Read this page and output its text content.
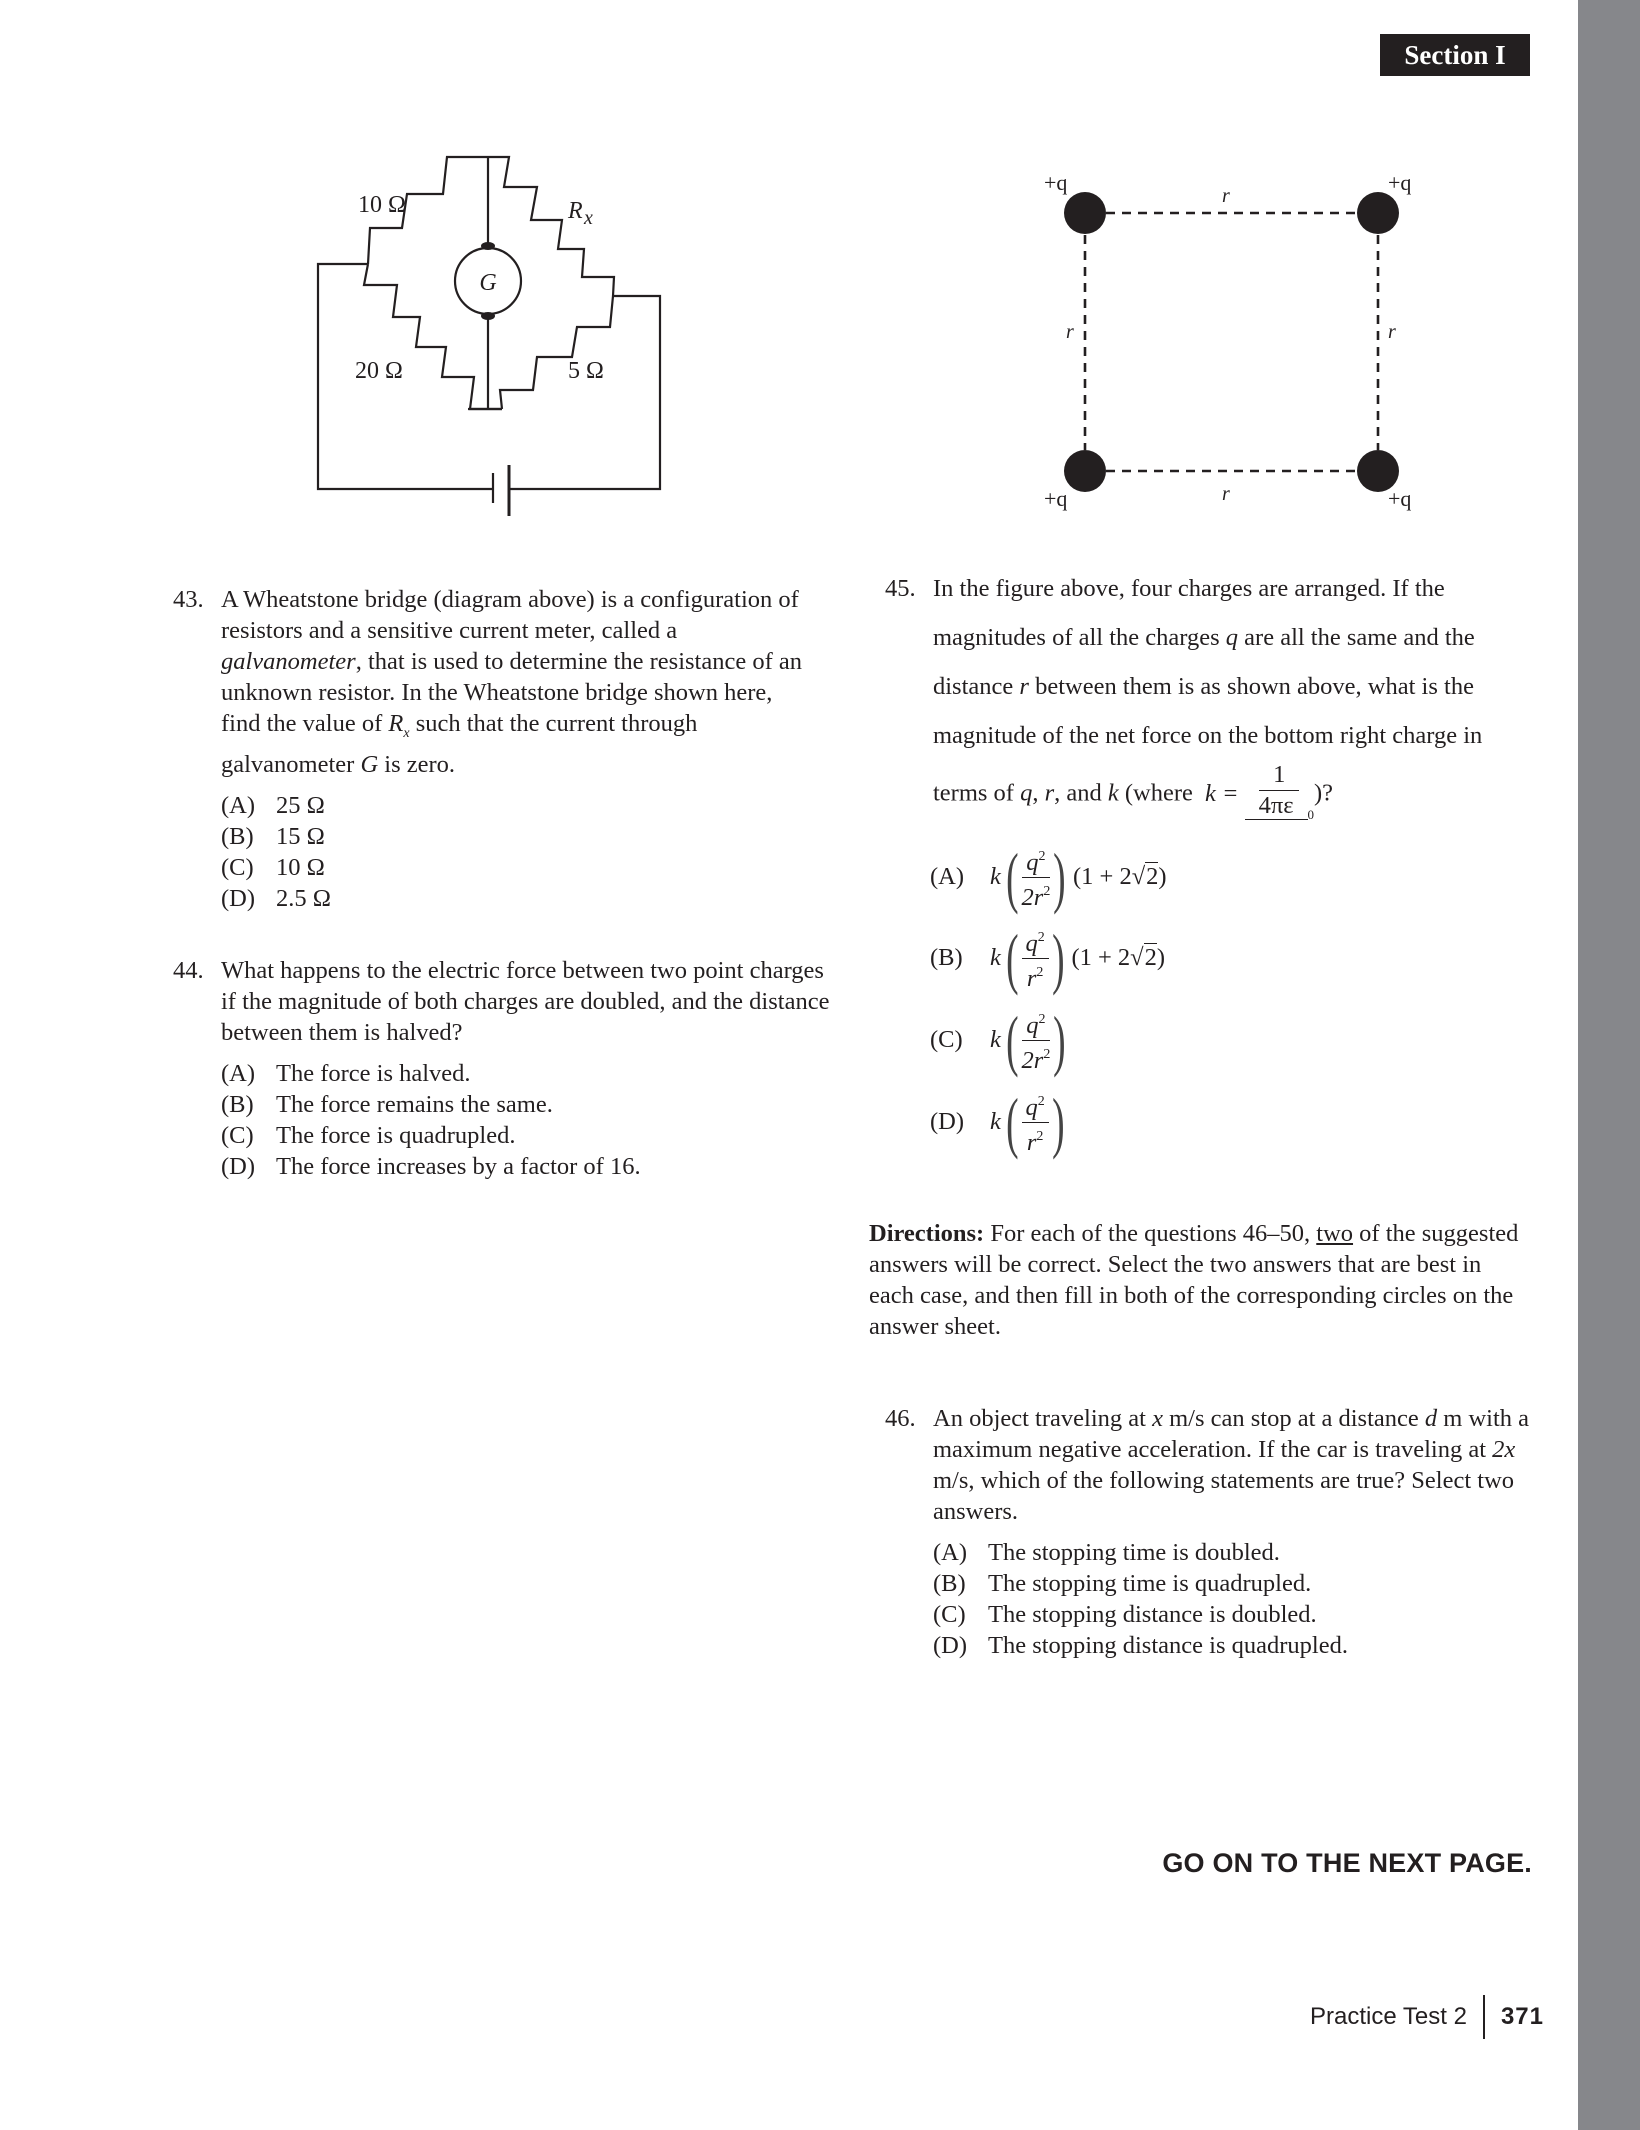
Section I
G
10 Ω	R x
20 Ω	5 Ω
+q	+q
+q	+q
r
r
r	r
43. A Wheatstone bridge (diagram above) is a configuration of resistors and a sensitive current meter, called a galvanometer, that is used to determine the resistance of an unknown resistor. In the Wheatstone bridge shown here, find the value of $R_x$ such that the current through galvanometer G is zero.
(A) 25 Ω
(B) 15 Ω
(C) 10 Ω
(D) 2.5 Ω
44. What happens to the electric force between two point charges if the magnitude of both charges are doubled, and the distance between them is halved?
(A) The force is halved.
(B) The force remains the same.
(C) The force is quadrupled.
(D) The force increases by a factor of 16.
45. In the figure above, four charges are arranged. If the
magnitudes of all the charges q are all the same and the
distance r between them is as shown above, what is the
magnitude of the net force on the bottom right charge in
terms of q, r, and k (where $k = \frac{1}{4\pi\varepsilon _0}$ )?
(A)	k ( $\frac{q^2}{2r^2}$ ) (1 + 2 √2 )
(B)	k ( $\frac{q^2}{r^2}$ ) (1 + 2 √2 )
(C)	k ( $\frac{q^2}{2r^2}$ )
(D)	k ( $\frac{q^2}{r^2}$ )
Directions: For each of the questions 46–50, two of the suggested answers will be correct. Select the two answers that are best in each case, and then fill in both of the corresponding circles on the answer sheet.
46. An object traveling at x m/s can stop at a distance d m with a maximum negative acceleration. If the car is traveling at 2x m/s, which of the following statements are true? Select two answers.
(A) The stopping time is doubled.
(B) The stopping time is quadrupled.
(C) The stopping distance is doubled.
(D) The stopping distance is quadrupled.
GO ON TO THE NEXT PAGE.
Practice Test 2 371
